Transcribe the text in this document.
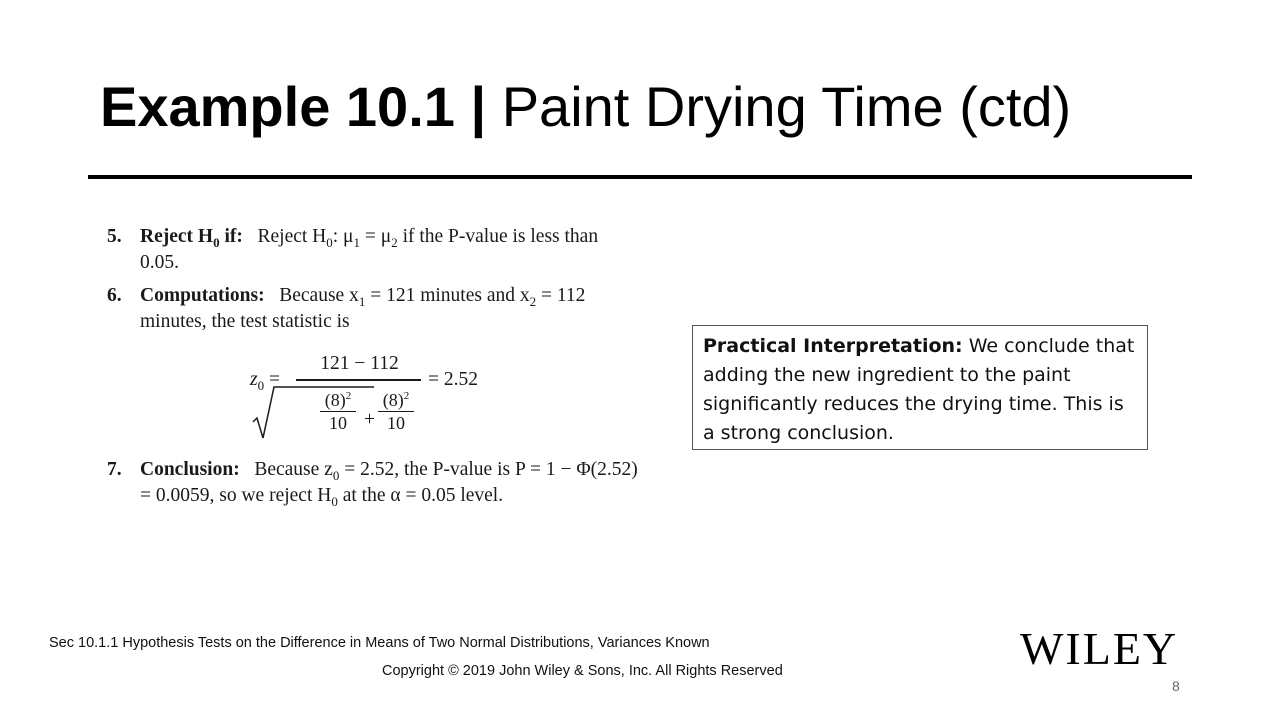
Example 10.1 | Paint Drying Time (ctd)
5. Reject $H_0$ if: Reject $H_0$: $\mu_1 = \mu_2$ if the P-value is less than 0.05.
6. Computations: Because $x_1 = 121$ minutes and $x_2 = 112$ minutes, the test statistic is
$z_0$ =
121 − 112
$(8)^2$
10 +
$(8)^2$
10
= 2.52
7. Conclusion: Because $z_0 = 2.52$, the P-value is P = 1 − Φ(2.52) = 0.0059, so we reject $H_0$ at the α = 0.05 level.
Practical Interpretation: We conclude that adding the new ingredient to the paint significantly reduces the drying time. This is a strong conclusion.
Sec 10.1.1 Hypothesis Tests on the Difference in Means of Two Normal Distributions, Variances Known
Copyright © 2019 John Wiley & Sons, Inc. All Rights Reserved	WILEY
8
